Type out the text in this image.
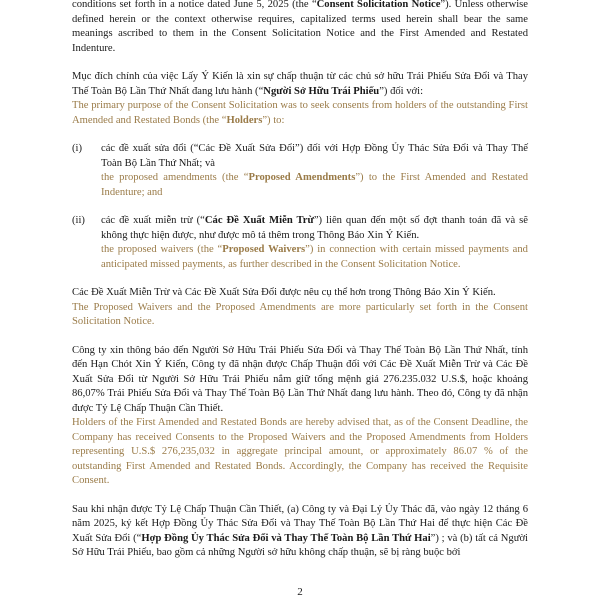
conditions set forth in a notice dated June 5, 2025 (the “Consent Solicitation Notice”). Unless otherwise defined herein or the context otherwise requires, capitalized terms used herein shall bear the same meanings ascribed to them in the Consent Solicitation Notice and the First Amended and Restated Indenture.

Mục đích chính của việc Lấy Ý Kiến là xin sự chấp thuận từ các chủ sở hữu Trái Phiếu Sửa Đổi và Thay Thế Toàn Bộ Lần Thứ Nhất đang lưu hành (“Người Sở Hữu Trái Phiếu”) đối với:

The primary purpose of the Consent Solicitation was to seek consents from holders of the outstanding First Amended and Restated Bonds (the “Holders”) to:

(i) các đề xuất sửa đổi (“Các Đề Xuất Sửa Đổi”) đối với Hợp Đồng Ủy Thác Sửa Đổi và Thay Thế Toàn Bộ Lần Thứ Nhất; và

the proposed amendments (the “Proposed Amendments”) to the First Amended and Restated Indenture; and

(ii) các đề xuất miễn trừ (“Các Đề Xuất Miễn Trừ”) liên quan đến một số đợt thanh toán đã và sẽ không thực hiện được, như được mô tả thêm trong Thông Báo Xin Ý Kiến.

the proposed waivers (the “Proposed Waivers”) in connection with certain missed payments and anticipated missed payments, as further described in the Consent Solicitation Notice.

Các Đề Xuất Miễn Trừ và Các Đề Xuất Sửa Đổi được nêu cụ thể hơn trong Thông Báo Xin Ý Kiến.

The Proposed Waivers and the Proposed Amendments are more particularly set forth in the Consent Solicitation Notice.

Công ty xin thông báo đến Người Sở Hữu Trái Phiếu Sửa Đổi và Thay Thế Toàn Bộ Lần Thứ Nhất, tính đến Hạn Chót Xin Ý Kiến, Công ty đã nhận được Chấp Thuận đối với Các Đề Xuất Miễn Trừ và Các Đề Xuất Sửa Đổi từ Người Sở Hữu Trái Phiếu nắm giữ tổng mệnh giá 276.235.032 U.S.$, hoặc khoảng 86,07% Trái Phiếu Sửa Đổi và Thay Thế Toàn Bộ Lần Thứ Nhất đang lưu hành. Theo đó, Công ty đã nhận được Tỷ Lệ Chấp Thuận Cần Thiết.

Holders of the First Amended and Restated Bonds are hereby advised that, as of the Consent Deadline, the Company has received Consents to the Proposed Waivers and the Proposed Amendments from Holders representing U.S.$ 276,235,032 in aggregate principal amount, or approximately 86.07 % of the outstanding First Amended and Restated Bonds. Accordingly, the Company has received the Requisite Consent.

Sau khi nhận được Tỷ Lệ Chấp Thuận Cần Thiết, (a) Công ty và Đại Lý Ủy Thác đã, vào ngày 12 tháng 6 năm 2025, ký kết Hợp Đồng Ủy Thác Sửa Đổi và Thay Thế Toàn Bộ Lần Thứ Hai để thực hiện Các Đề Xuất Sửa Đổi (“Hợp Đồng Ủy Thác Sửa Đổi và Thay Thế Toàn Bộ Lần Thứ Hai”) ; và (b) tất cả Người Sở Hữu Trái Phiếu, bao gồm cả những Người sở hữu không chấp thuận, sẽ bị ràng buộc bởi

2
